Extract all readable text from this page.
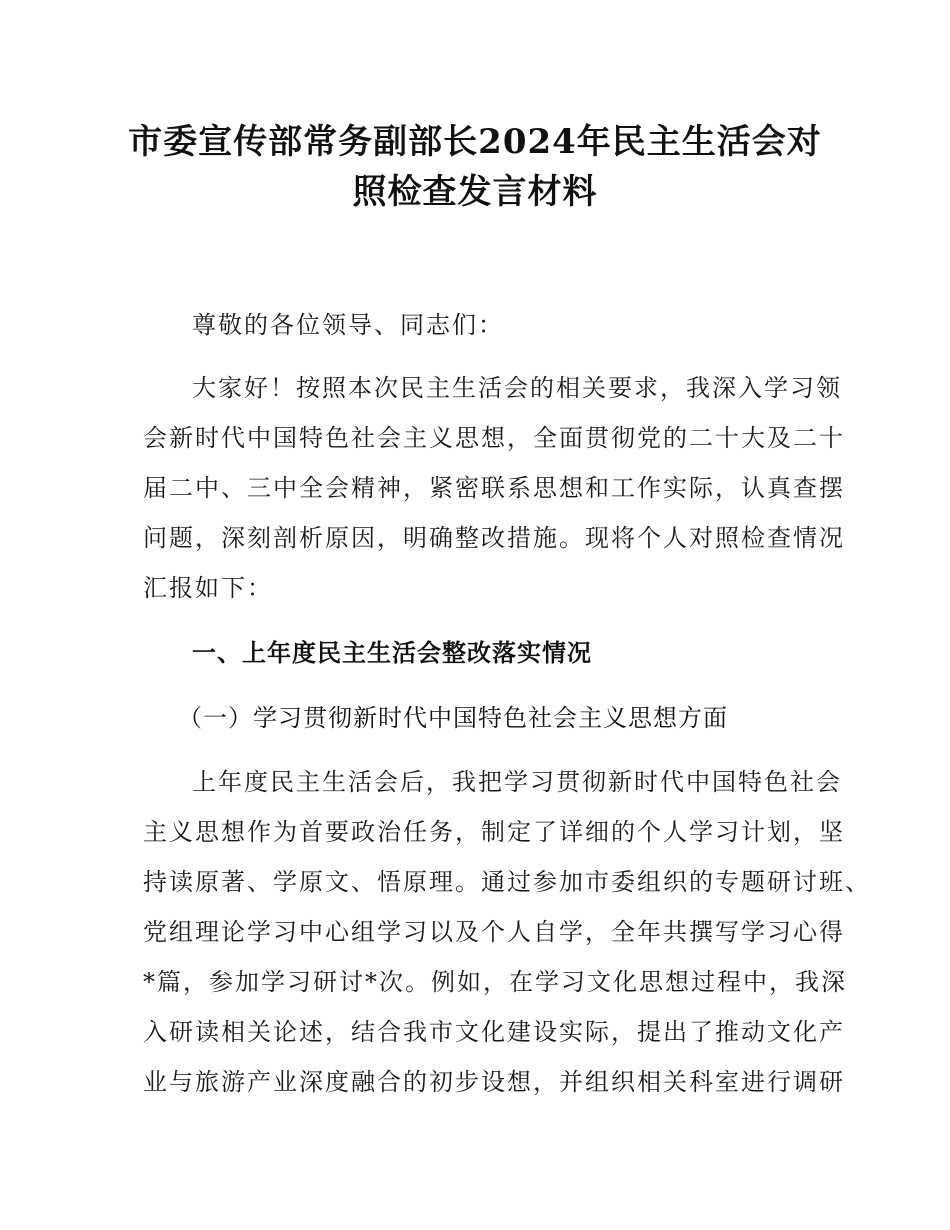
市委宣传部常务副部长2024年民主生活会对
照检查发言材料
尊敬的各位领导、同志们：
大家好！按照本次民主生活会的相关要求，我深入学习领
会新时代中国特色社会主义思想，全面贯彻党的二十大及二十
届二中、三中全会精神，紧密联系思想和工作实际，认真查摆
问题，深刻剖析原因，明确整改措施。现将个人对照检查情况
汇报如下：
一、上年度民主生活会整改落实情况
（一）学习贯彻新时代中国特色社会主义思想方面
上年度民主生活会后，我把学习贯彻新时代中国特色社会
主义思想作为首要政治任务，制定了详细的个人学习计划，坚
持读原著、学原文、悟原理。通过参加市委组织的专题研讨班、
党组理论学习中心组学习以及个人自学，全年共撰写学习心得
*篇，参加学习研讨*次。例如，在学习文化思想过程中，我深
入研读相关论述，结合我市文化建设实际，提出了推动文化产
业与旅游产业深度融合的初步设想，并组织相关科室进行调研
